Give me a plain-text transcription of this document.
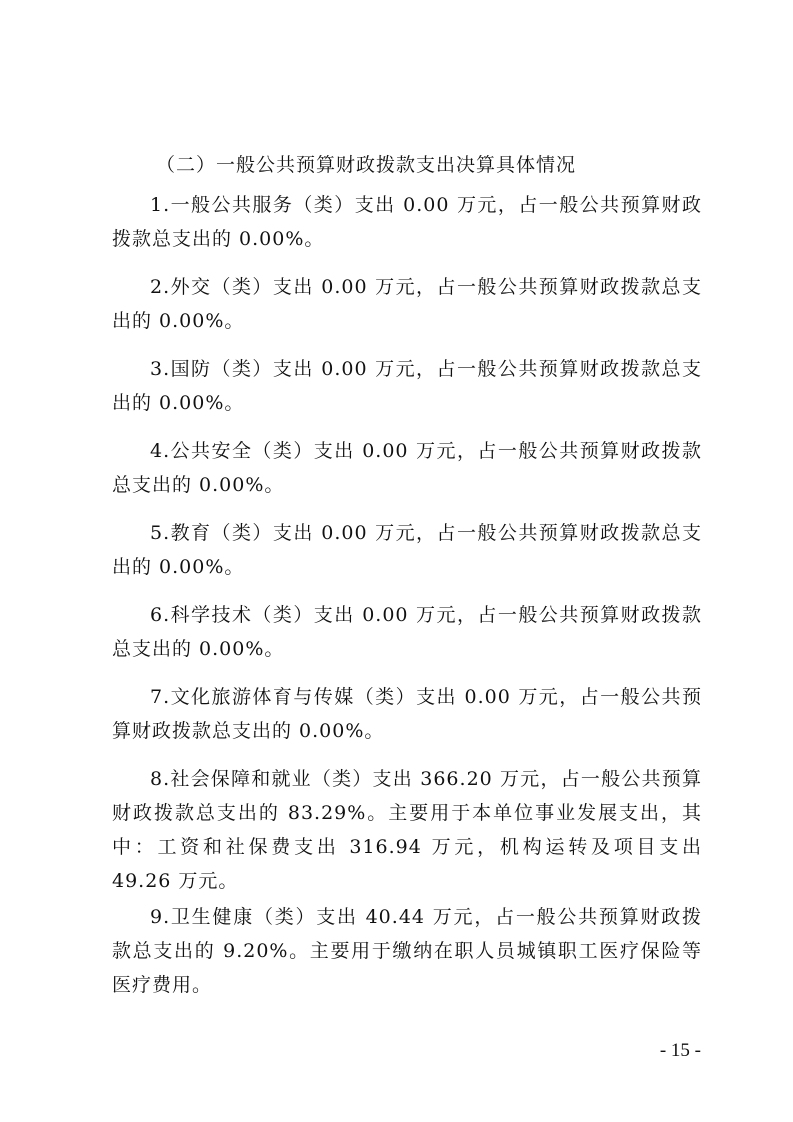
（二）一般公共预算财政拨款支出决算具体情况

1.一般公共服务（类）支出 0.00 万元，占一般公共预算财政拨款总支出的 0.00%。

2.外交（类）支出 0.00 万元，占一般公共预算财政拨款总支出的 0.00%。

3.国防（类）支出 0.00 万元，占一般公共预算财政拨款总支出的 0.00%。

4.公共安全（类）支出 0.00 万元，占一般公共预算财政拨款总支出的 0.00%。

5.教育（类）支出 0.00 万元，占一般公共预算财政拨款总支出的 0.00%。

6.科学技术（类）支出 0.00 万元，占一般公共预算财政拨款总支出的 0.00%。

7.文化旅游体育与传媒（类）支出 0.00 万元，占一般公共预算财政拨款总支出的 0.00%。

8.社会保障和就业（类）支出 366.20 万元，占一般公共预算财政拨款总支出的 83.29%。主要用于本单位事业发展支出，其中：工资和社保费支出 316.94 万元，机构运转及项目支出 49.26 万元。

9.卫生健康（类）支出 40.44 万元，占一般公共预算财政拨款总支出的 9.20%。主要用于缴纳在职人员城镇职工医疗保险等医疗费用。

- 15 -
